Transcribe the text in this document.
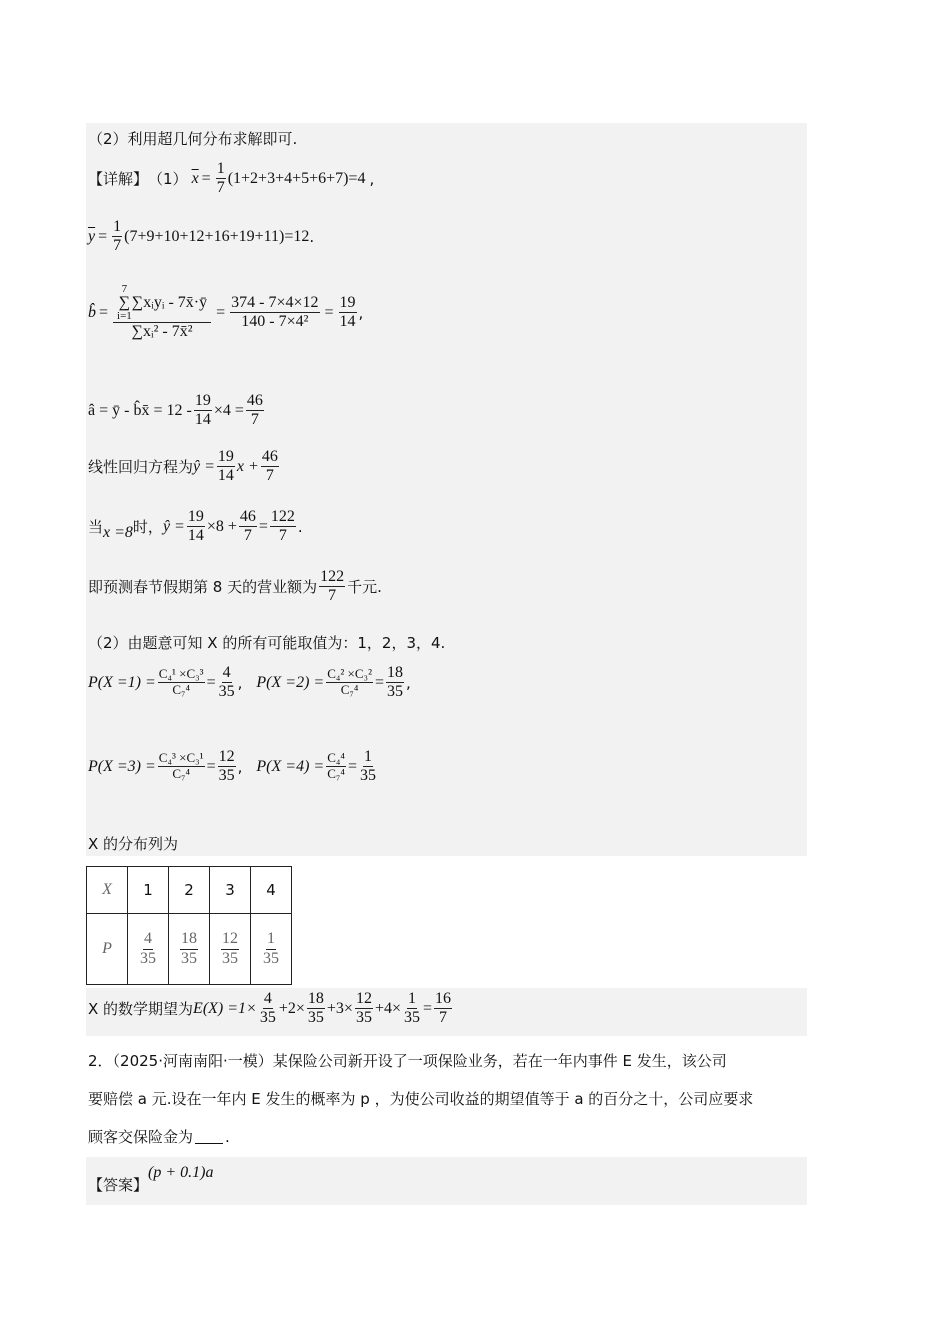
（2）利用超几何分布求解即可.
【详解】 （1） $\overline{x} = \frac{1}{7} (1+2+3+4+5+6+7)=4$ ,
$\overline{y} = \frac{1}{7} (7+9+10+12+16+19+11)=12$ .
b̂ = 7
∑
i=1
∑xᵢyᵢ - 7x̄·ȳ
∑xᵢ² - 7x̄² = $\frac{374 - 7\times 4\times 12}{\text{140 - 7×4²}} = \frac{19}{14}$ ,
â = ȳ - b̂x̄ = $12 - \frac{19}{14} \times 4 = \frac{46}{7}$
线性回归方程为 ŷ = $\frac{19}{14}$ $x + \frac{46}{7}$
当 x =8 时， ŷ = $\frac{19}{14} \times 8 + \frac{46}{7} = \frac{122}{7}$ .
即预测春节假期第 8 天的营业额为 $\frac{122}{7}$ 千元.
（2）由题意可知 X 的所有可能取值为：1，2，3，4.
$P(X =1) = \frac{\text{C₄¹ ×C₃³}}{\text{C₇⁴}} = \frac{4}{35}$ , $P(X =2) = \frac{\text{C₄² ×C₃²}}{\text{C₇⁴}} = \frac{18}{35}$ ,
$P(X =3) = \frac{\text{C₄³ ×C₃¹}}{\text{C₇⁴}} = \frac{12}{35}$ , $P(X =4) = \frac{\text{C₄⁴}}{\text{C₇⁴}} = \frac{1}{35}$
X 的分布列为
X	1	2	3	4
P	$\frac{4}{35}$	$\frac{18}{35}$	$\frac{12}{35}$	$\frac{1}{35}$
X 的数学期望为 $E(X) =1\times \frac{4}{35} +2\times \frac{18}{35} +3\times \frac{12}{35} +4\times \frac{1}{35} = \frac{16}{7}$
2．（2025·河南南阳·一模）某保险公司新开设了一项保险业务，若在一年内事件 E 发生，该公司
要赔偿 a 元.设在一年内 E 发生的概率为 p ，为使公司收益的期望值等于 a 的百分之十，公司应要求
顾客交保险金为 .
【答案】
(p + 0.1)a
